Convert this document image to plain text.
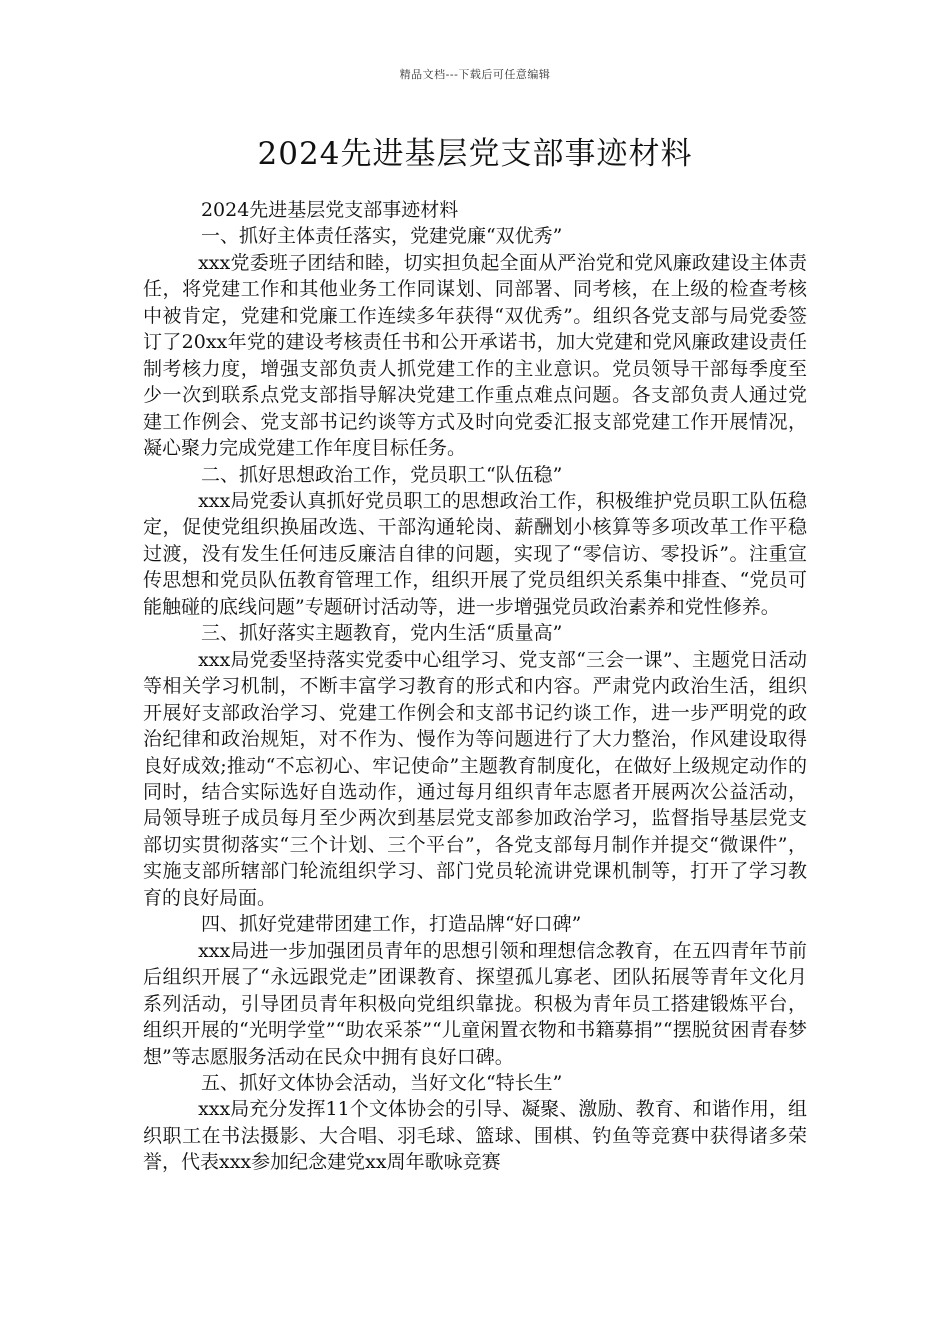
精品文档---下载后可任意编辑
2024先进基层党支部事迹材料

2024先进基层党支部事迹材料

一、抓好主体责任落实，党建党廉“双优秀”

xxx党委班子团结和睦，切实担负起全面从严治党和党风廉政建设主体责任，将党建工作和其他业务工作同谋划、同部署、同考核，在上级的检查考核中被肯定，党建和党廉工作连续多年获得“双优秀”。组织各党支部与局党委签订了20xx年党的建设考核责任书和公开承诺书，加大党建和党风廉政建设责任制考核力度，增强支部负责人抓党建工作的主业意识。党员领导干部每季度至少一次到联系点党支部指导解决党建工作重点难点问题。各支部负责人通过党建工作例会、党支部书记约谈等方式及时向党委汇报支部党建工作开展情况，凝心聚力完成党建工作年度目标任务。

二、抓好思想政治工作，党员职工“队伍稳”

xxx局党委认真抓好党员职工的思想政治工作，积极维护党员职工队伍稳定，促使党组织换届改选、干部沟通轮岗、薪酬划小核算等多项改革工作平稳过渡，没有发生任何违反廉洁自律的问题，实现了“零信访、零投诉”。注重宣传思想和党员队伍教育管理工作，组织开展了党员组织关系集中排查、“党员可能触碰的底线问题”专题研讨活动等，进一步增强党员政治素养和党性修养。

三、抓好落实主题教育，党内生活“质量高”

xxx局党委坚持落实党委中心组学习、党支部“三会一课”、主题党日活动等相关学习机制，不断丰富学习教育的形式和内容。严肃党内政治生活，组织开展好支部政治学习、党建工作例会和支部书记约谈工作，进一步严明党的政治纪律和政治规矩，对不作为、慢作为等问题进行了大力整治，作风建设取得良好成效;推动“不忘初心、牢记使命”主题教育制度化，在做好上级规定动作的同时，结合实际选好自选动作，通过每月组织青年志愿者开展两次公益活动，局领导班子成员每月至少两次到基层党支部参加政治学习，监督指导基层党支部切实贯彻落实“三个计划、三个平台”，各党支部每月制作并提交“微课件”，实施支部所辖部门轮流组织学习、部门党员轮流讲党课机制等，打开了学习教育的良好局面。

四、抓好党建带团建工作，打造品牌“好口碑”

xxx局进一步加强团员青年的思想引领和理想信念教育，在五四青年节前后组织开展了“永远跟党走”团课教育、探望孤儿寡老、团队拓展等青年文化月系列活动，引导团员青年积极向党组织靠拢。积极为青年员工搭建锻炼平台，组织开展的“光明学堂”“助农采茶”“儿童闲置衣物和书籍募捐”“摆脱贫困青春梦想”等志愿服务活动在民众中拥有良好口碑。

五、抓好文体协会活动，当好文化“特长生”

xxx局充分发挥11个文体协会的引导、凝聚、激励、教育、和谐作用，组织职工在书法摄影、大合唱、羽毛球、篮球、围棋、钓鱼等竞赛中获得诸多荣誉，代表xxx参加纪念建党xx周年歌咏竞赛
